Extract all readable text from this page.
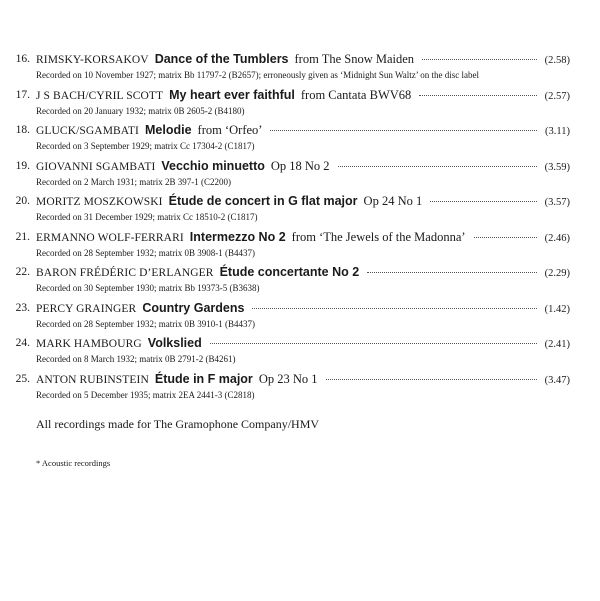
16. RIMSKY-KORSAKOV Dance of the Tumblers from The Snow Maiden	(2.58)
Recorded on 10 November 1927; matrix Bb 11797-2 (B2657); erroneously given as ‘Midnight Sun Waltz’ on the disc label
17. J S BACH/CYRIL SCOTT My heart ever faithful from Cantata BWV68	(2.57)
Recorded on 20 January 1932; matrix 0B 2605-2 (B4180)
18. GLUCK/SGAMBATI Melodie from ‘Orfeo’	(3.11)
Recorded on 3 September 1929; matrix Cc 17304-2 (C1817)
19. GIOVANNI SGAMBATI Vecchio minuetto Op 18 No 2	(3.59)
Recorded on 2 March 1931; matrix 2B 397-1 (C2200)
20. MORITZ MOSZKOWSKI Étude de concert in G flat major Op 24 No 1	(3.57)
Recorded on 31 December 1929; matrix Cc 18510-2 (C1817)
21. ERMANNO WOLF-FERRARI Intermezzo No 2 from ‘The Jewels of the Madonna’	(2.46)
Recorded on 28 September 1932; matrix 0B 3908-1 (B4437)
22. BARON FRÉDÉRIC D’ERLANGER Étude concertante No 2	(2.29)
Recorded on 30 September 1930; matrix Bb 19373-5 (B3638)
23. PERCY GRAINGER Country Gardens	(1.42)
Recorded on 28 September 1932; matrix 0B 3910-1 (B4437)
24. MARK HAMBOURG Volkslied	(2.41)
Recorded on 8 March 1932; matrix 0B 2791-2 (B4261)
25. ANTON RUBINSTEIN Étude in F major Op 23 No 1	(3.47)
Recorded on 5 December 1935; matrix 2EA 2441-3 (C2818)
All recordings made for The Gramophone Company/HMV
* Acoustic recordings
